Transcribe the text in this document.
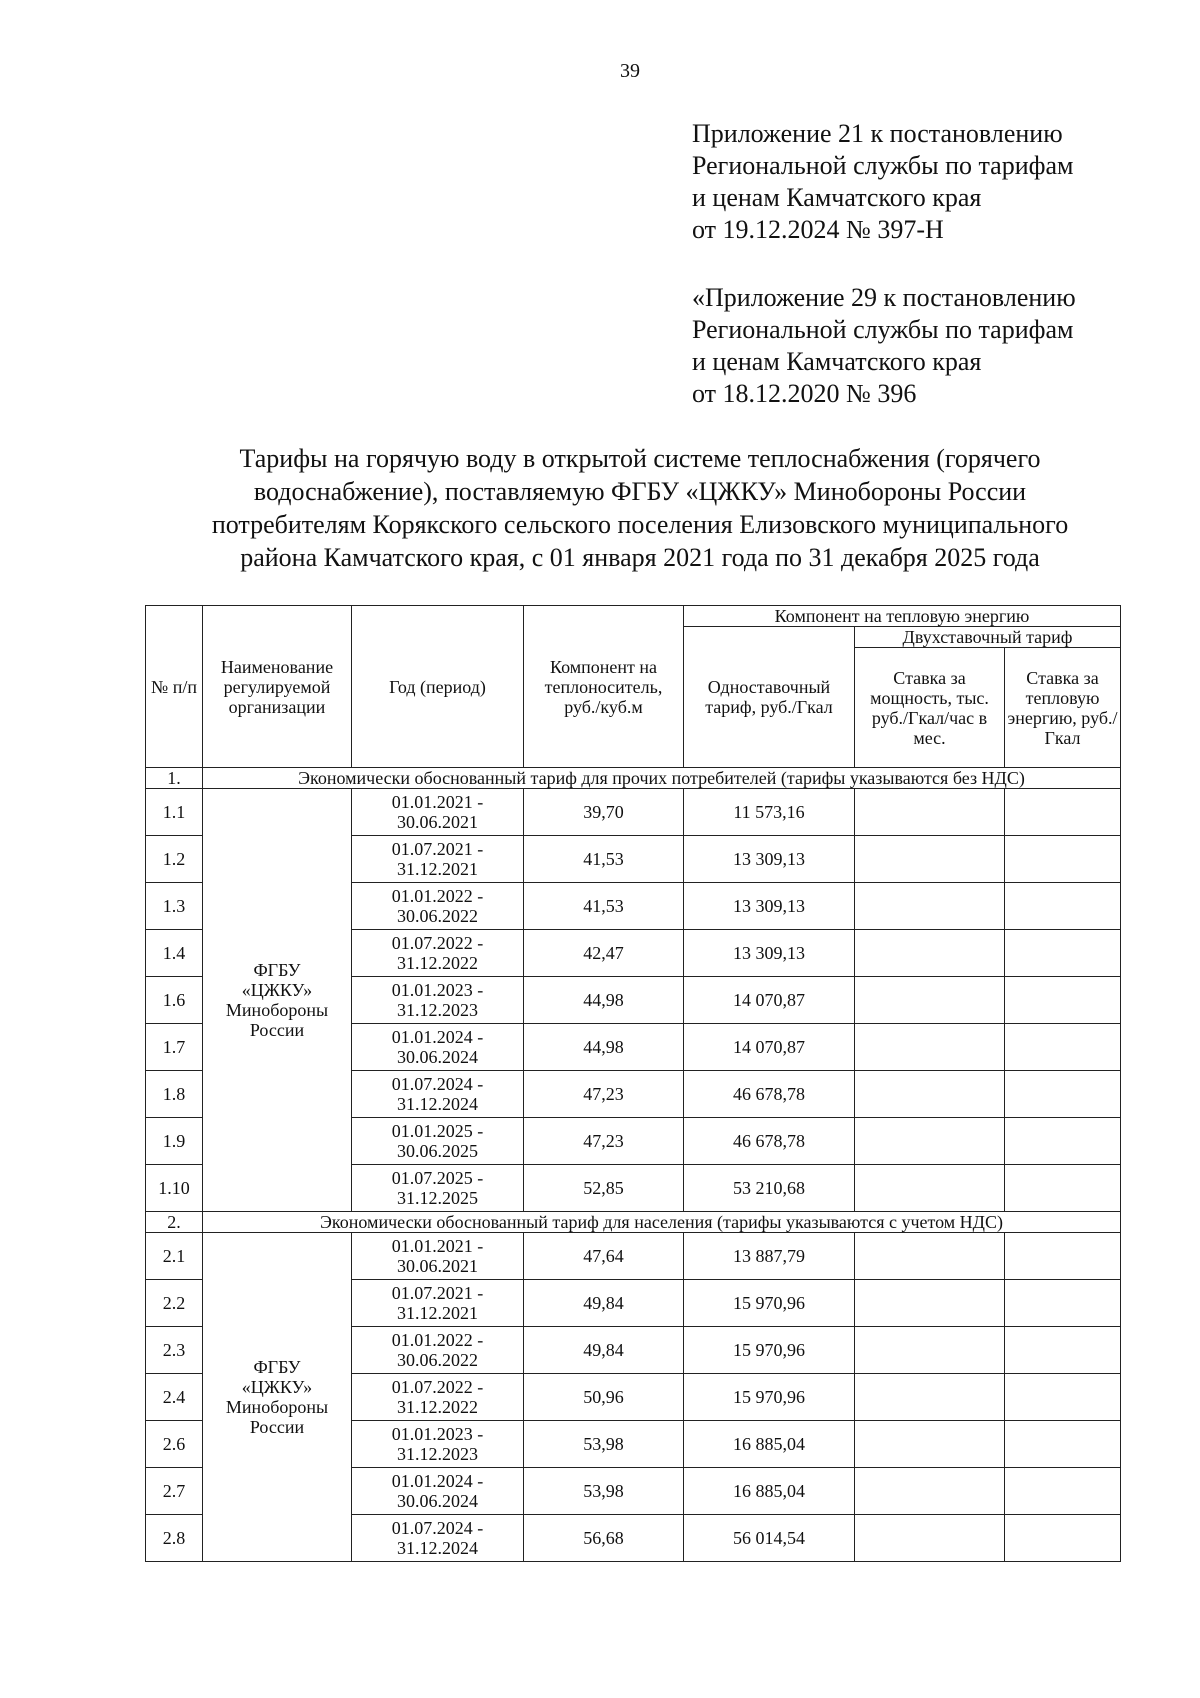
39
Приложение 21 к постановлению
Региональной службы по тарифам
и ценам Камчатского края
от 19.12.2024 № 397-Н
«Приложение 29 к постановлению
Региональной службы по тарифам
и ценам Камчатского края
от 18.12.2020 № 396
Тарифы на горячую воду в открытой системе теплоснабжения (горячего
водоснабжение), поставляемую ФГБУ «ЦЖКУ» Минобороны России
потребителям Корякского сельского поселения Елизовского муниципального
района Камчатского края, с 01 января 2021 года по 31 декабря 2025 года
№ п/п	Наименование регулируемой организации	Год (период)	Компонент на теплоноситель, руб./куб.м	Компонент на тепловую энергию		
				Одноставочный тариф, руб./Гкал	Двухставочный тариф	
					Ставка за мощность, тыс. руб./Гкал/час в мес.	Ставка за тепловую энергию, руб./Гкал
1.	Экономически обоснованный тариф для прочих потребителей (тарифы указываются без НДС)					
1.1	ФГБУ «ЦЖКУ» Минобороны России	01.01.2021 - 30.06.2021	39,70	11 573,16		
1.2		01.07.2021 - 31.12.2021	41,53	13 309,13		
1.3		01.01.2022 - 30.06.2022	41,53	13 309,13		
1.4		01.07.2022 - 31.12.2022	42,47	13 309,13		
1.6		01.01.2023 - 31.12.2023	44,98	14 070,87		
1.7		01.01.2024 - 30.06.2024	44,98	14 070,87		
1.8		01.07.2024 - 31.12.2024	47,23	46 678,78		
1.9		01.01.2025 - 30.06.2025	47,23	46 678,78		
1.10		01.07.2025 - 31.12.2025	52,85	53 210,68		
2.	Экономически обоснованный тариф для населения (тарифы указываются с учетом НДС)					
2.1	ФГБУ «ЦЖКУ» Минобороны России	01.01.2021 - 30.06.2021	47,64	13 887,79		
2.2		01.07.2021 - 31.12.2021	49,84	15 970,96		
2.3		01.01.2022 - 30.06.2022	49,84	15 970,96		
2.4		01.07.2022 - 31.12.2022	50,96	15 970,96		
2.6		01.01.2023 - 31.12.2023	53,98	16 885,04		
2.7		01.01.2024 - 30.06.2024	53,98	16 885,04		
2.8		01.07.2024 - 31.12.2024	56,68	56 014,54		
